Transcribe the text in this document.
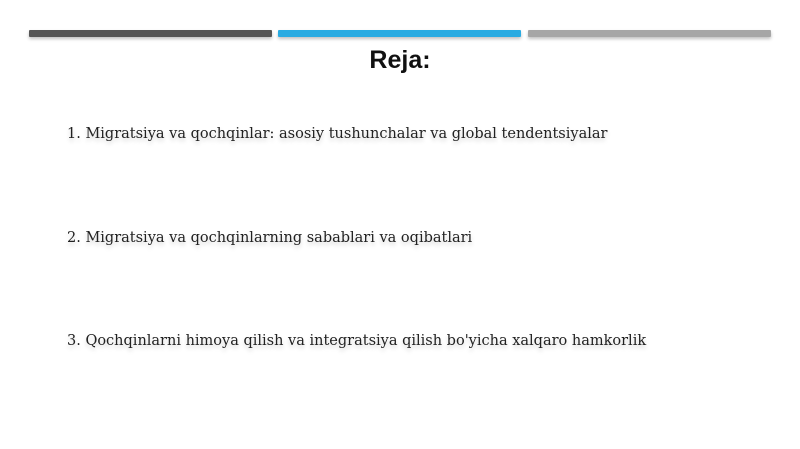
Reja:
1. Migratsiya va qochqinlar: asosiy tushunchalar va global tendentsiyalar
2. Migratsiya va qochqinlarning sabablari va oqibatlari
3. Qochqinlarni himoya qilish va integratsiya qilish bo'yicha xalqaro hamkorlik
